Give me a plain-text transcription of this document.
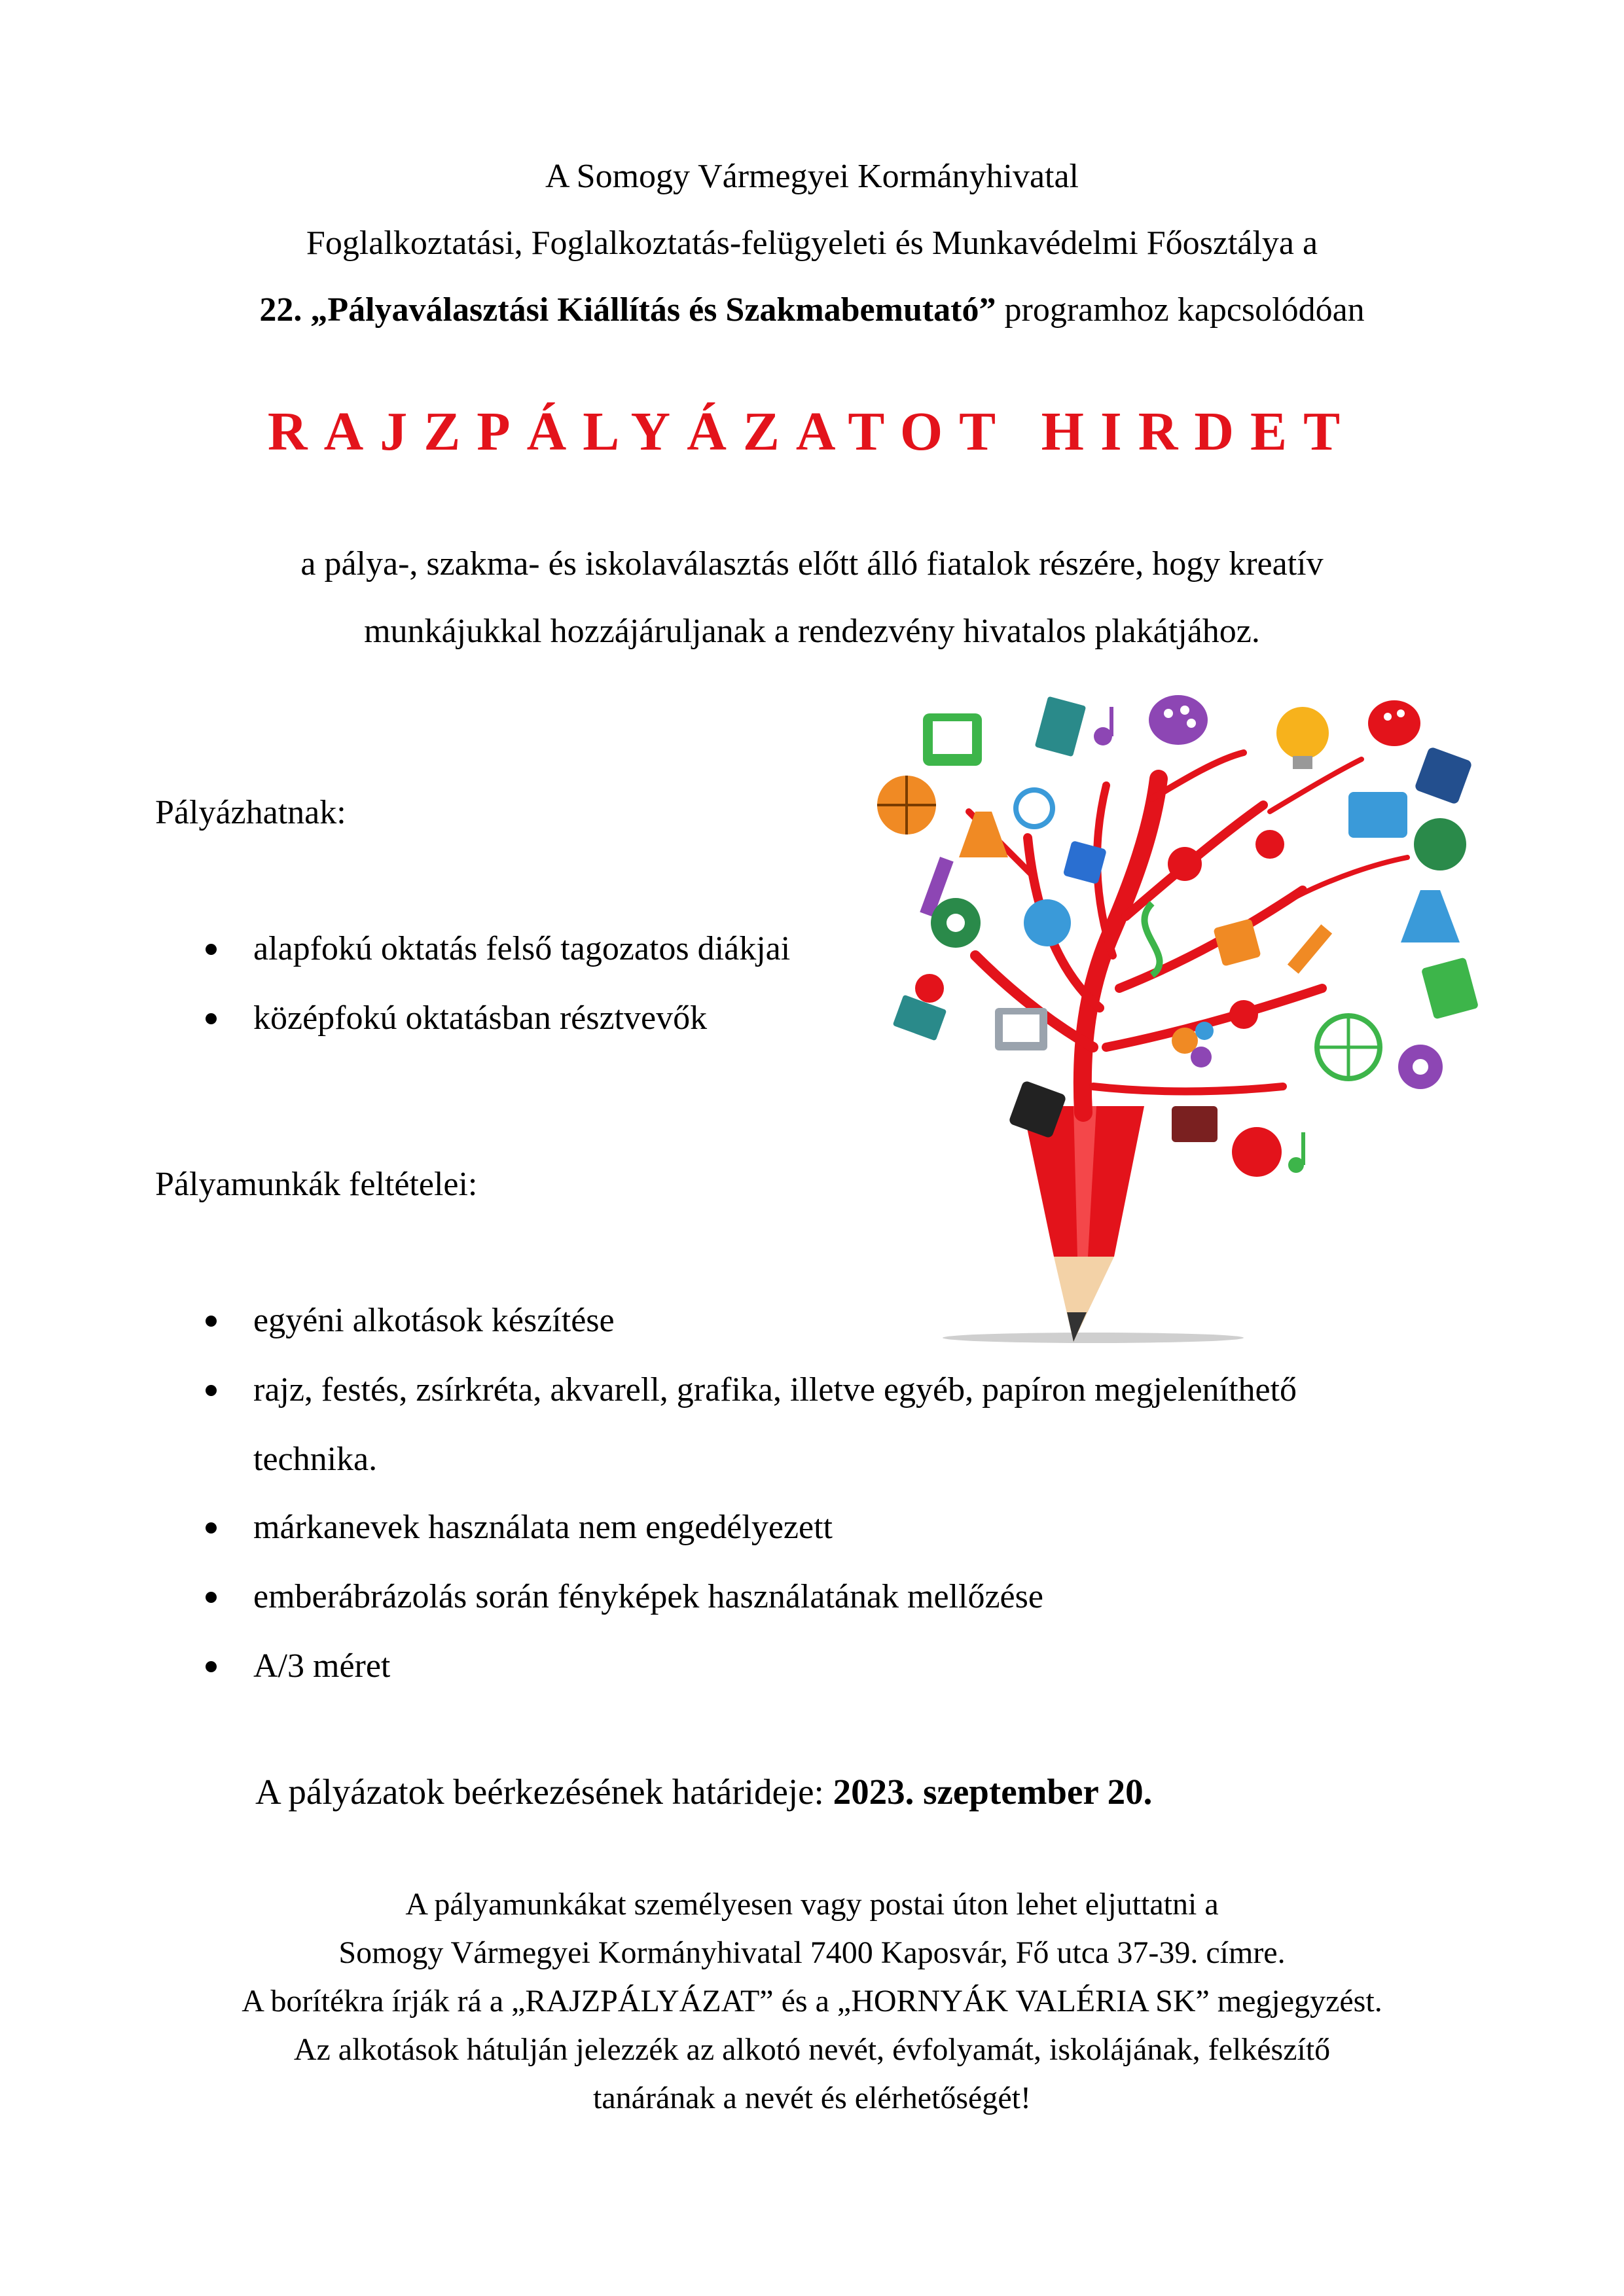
A Somogy Vármegyei Kormányhivatal
Foglalkoztatási, Foglalkoztatás-felügyeleti és Munkavédelmi Főosztálya a
22. „Pályaválasztási Kiállítás és Szakmabemutató” programhoz kapcsolódóan
RAJZPÁLYÁZATOT HIRDET
a pálya-, szakma- és iskolaválasztás előtt álló fiatalok részére, hogy kreatív
munkájukkal hozzájáruljanak a rendezvény hivatalos plakátjához.
Pályázhatnak:
alapfokú oktatás felső tagozatos diákjai
középfokú oktatásban résztvevők
Pályamunkák feltételei:
egyéni alkotások készítése
rajz, festés, zsírkréta, akvarell, grafika, illetve egyéb, papíron megjeleníthető
technika.
márkanevek használata nem engedélyezett
emberábrázolás során fényképek használatának mellőzése
A/3 méret
A pályázatok beérkezésének határideje: 2023. szeptember 20.
A pályamunkákat személyesen vagy postai úton lehet eljuttatni a
Somogy Vármegyei Kormányhivatal 7400 Kaposvár, Fő utca 37-39. címre.
A borítékra írják rá a „RAJZPÁLYÁZAT” és a „HORNYÁK VALÉRIA SK” megjegyzést.
Az alkotások hátulján jelezzék az alkotó nevét, évfolyamát, iskolájának, felkészítő
tanárának a nevét és elérhetőségét!
